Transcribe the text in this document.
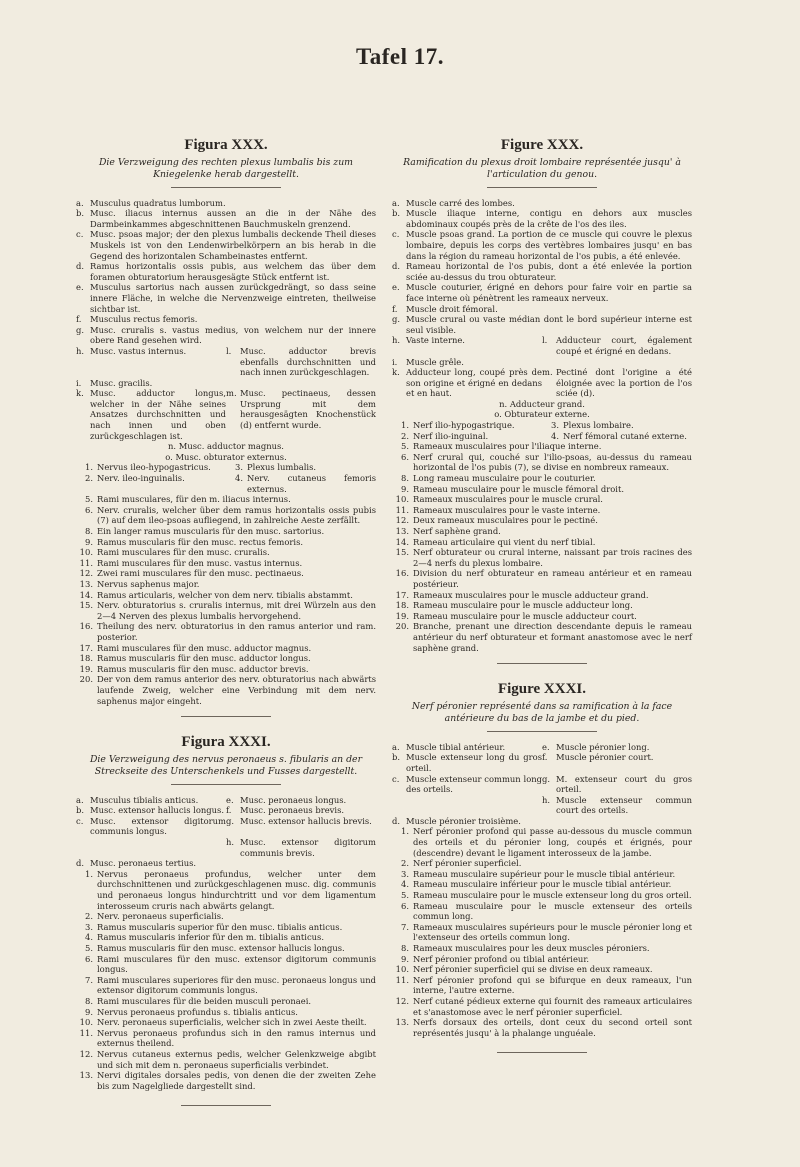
Tafel 17.
Figura XXX.
Die Verzweigung des rechten plexus lumbalis bis zum Kniegelenke herab dargestellt.
a. Musculus quadratus lumborum.
b. Musc. iliacus internus aussen an die in der Nähe des Darmbeinkammes abgeschnittenen Bauchmuskeln grenzend.
c. Musc. psoas major; der den plexus lumbalis deckende Theil dieses Muskels ist von den Lendenwirbelkörpern an bis herab in die Gegend des horizontalen Schambeinastes entfernt.
d. Ramus horizontalis ossis pubis, aus welchem das über dem foramen obturatorium herausgesägte Stück entfernt ist.
e. Musculus sartorius nach aussen zurückgedrängt, so dass seine innere Fläche, in welche die Nervenzweige eintreten, theilweise sichtbar ist.
f.	Musculus rectus femoris.
g. Musc. cruralis s. vastus medius, von welchem nur der innere obere Rand gesehen wird.
h. Musc. vastus internus.	l.	Musc. adductor brevis ebenfalls durchschnitten und nach innen zurückgeschlagen.
i.	Musc. gracilis.
k. Musc. adductor longus, welcher in der Nähe seines Ansatzes durchschnitten und nach innen und oben zurückgeschlagen ist.
m. Musc. pectinaeus, dessen Ursprung mit dem herausgesägten Knochenstück (d) entfernt wurde.
n. Musc. adductor magnus.
o. Musc. obturator externus.
1. Nervus ileo-hypogastricus.	3. Plexus lumbalis.
2. Nerv. ileo-inguinalis.	4. Nerv. cutaneus femoris externus.
5. Rami musculares, für den m. iliacus internus.
6. Nerv. cruralis, welcher über dem ramus horizontalis ossis pubis (7) auf dem ileo-psoas aufliegend, in zahlreiche Aeste zerfällt.
8. Ein langer ramus muscularis für den musc. sartorius.
9. Ramus muscularis für den musc. rectus femoris.
10. Rami musculares für den musc. cruralis.
11. Rami musculares für den musc. vastus internus.
12. Zwei rami musculares für den musc. pectinaeus.
13. Nervus saphenus major.
14. Ramus articularis, welcher von dem nerv. tibialis abstammt.
15. Nerv. obturatorius s. cruralis internus, mit drei Würzeln aus den 2—4 Nerven des plexus lumbalis hervorgehend.
16. Theilung des nerv. obturatorius in den ramus anterior und ram. posterior.
17. Rami musculares für den musc. adductor magnus.
18. Ramus muscularis für den musc. adductor longus.
19. Ramus muscularis für den musc. adductor brevis.
20. Der von dem ramus anterior des nerv. obturatorius nach abwärts laufende Zweig, welcher eine Verbindung mit dem nerv. saphenus major eingeht.
Figura XXXI.
Die Verzweigung des nervus peronaeus s. fibularis an der Streckseite des Unterschenkels und Fusses dargestellt.
a. Musculus tibialis anticus.	e. Musc. peronaeus longus.
b. Musc. extensor hallucis longus. f.	Musc. peronaeus brevis.
c. Musc. extensor digitorum communis longus.
g. Musc. extensor hallucis brevis.
h. Musc. extensor digitorum communis brevis.
d. Musc. peronaeus tertius.
1. Nervus peronaeus profundus, welcher unter dem durchschnittenen und zurückgeschlagenen musc. dig. communis und peronaeus longus hindurchtritt und vor dem ligamentum interosseum cruris nach abwärts gelangt.
2. Nerv. peronaeus superficialis.
3. Ramus muscularis superior für den musc. tibialis anticus.
4. Ramus muscularis inferior für den m. tibialis anticus.
5. Ramus muscularis für den musc. extensor hallucis longus.
6. Rami musculares für den musc. extensor digitorum communis longus.
7. Rami musculares superiores für den musc. peronaeus longus und extensor digitorum communis longus.
8. Rami musculares für die beiden musculi peronaei.
9. Nervus peronaeus profundus s. tibialis anticus.
10. Nerv. peronaeus superficialis, welcher sich in zwei Aeste theilt.
11. Nervus peronaeus profundus sich in den ramus internus und externus theilend.
12. Nervus cutaneus externus pedis, welcher Gelenkzweige abgibt und sich mit dem n. peronaeus superficialis verbindet.
13. Nervi digitales dorsales pedis, von denen die der zweiten Zehe bis zum Nagelgliede dargestellt sind.
Figure XXX.
Ramification du plexus droit lombaire représentée jusqu' à l'articulation du genou.
a. Muscle carré des lombes.
b. Muscle iliaque interne, contigu en dehors aux muscles abdominaux coupés près de la crête de l'os des iles.
c. Muscle psoas grand. La portion de ce muscle qui couvre le plexus lombaire, depuis les corps des vertèbres lombaires jusqu' en bas dans la région du rameau horizontal de l'os pubis, a été enlevée.
d. Rameau horizontal de l'os pubis, dont a été enlevée la portion sciée au-dessus du trou obturateur.
e. Muscle couturier, érigné en dehors pour faire voir en partie sa face interne où pénètrent les rameaux nerveux.
f.	Muscle droit fémoral.
g. Muscle crural ou vaste médian dont le bord supérieur interne est seul visible.
h. Vaste interne.	l.	Adducteur court, également coupé et érigné en dedans.
i.	Muscle grêle.
k. Adducteur long, coupé près de son origine et érigné en dedans et en haut.
m. Pectiné dont l'origine a été éloignée avec la portion de l'os sciée (d).
n. Adducteur grand.
o. Obturateur externe.
1. Nerf ilio-hypogastrique.	3. Plexus lombaire.
2. Nerf ilio-inguinal.	4. Nerf fémoral cutané externe.
5. Rameaux musculaires pour l'iliaque interne.
6. Nerf crural qui, couché sur l'ilio-psoas, au-dessus du rameau horizontal de l'os pubis (7), se divise en nombreux rameaux.
8. Long rameau musculaire pour le couturier.
9. Rameau musculaire pour le muscle fémoral droit.
10. Rameaux musculaires pour le muscle crural.
11. Rameaux musculaires pour le vaste interne.
12. Deux rameaux musculaires pour le pectiné.
13. Nerf saphène grand.
14. Rameau articulaire qui vient du nerf tibial.
15. Nerf obturateur ou crural interne, naissant par trois racines des 2—4 nerfs du plexus lombaire.
16. Division du nerf obturateur en rameau antérieur et en rameau postérieur.
17. Rameaux musculaires pour le muscle adducteur grand.
18. Rameau musculaire pour le muscle adducteur long.
19. Rameau musculaire pour le muscle adducteur court.
20. Branche, prenant une direction descendante depuis le rameau antérieur du nerf obturateur et formant anastomose avec le nerf saphène grand.
Figure XXXI.
Nerf péronier représenté dans sa ramification à la face antérieure du bas de la jambe et du pied.
a. Muscle tibial antérieur.	e. Muscle péronier long.
b. Muscle extenseur long du gros orteil.
f.	Muscle péronier court.
c. Muscle extenseur commun long des orteils.
g. M. extenseur court du gros orteil.
h. Muscle extenseur commun court des orteils.
d. Muscle péronier troisième.
1. Nerf péronier profond qui passe au-dessous du muscle commun des orteils et du péronier long, coupés et érignés, pour (descendre) devant le ligament interosseux de la jambe.
2. Nerf péronier superficiel.
3. Rameau musculaire supérieur pour le muscle tibial antérieur.
4. Rameau musculaire inférieur pour le muscle tibial antérieur.
5. Rameau musculaire pour le muscle extenseur long du gros orteil.
6. Rameau musculaire pour le muscle extenseur des orteils commun long.
7. Rameaux musculaires supérieurs pour le muscle péronier long et l'extenseur des orteils commun long.
8. Rameaux musculaires pour les deux muscles péroniers.
9. Nerf péronier profond ou tibial antérieur.
10. Nerf péronier superficiel qui se divise en deux rameaux.
11. Nerf péronier profond qui se bifurque en deux rameaux, l'un interne, l'autre externe.
12. Nerf cutané pédieux externe qui fournit des rameaux articulaires et s'anastomose avec le nerf péronier superficiel.
13. Nerfs dorsaux des orteils, dont ceux du second orteil sont représentés jusqu' à la phalange unguéale.
